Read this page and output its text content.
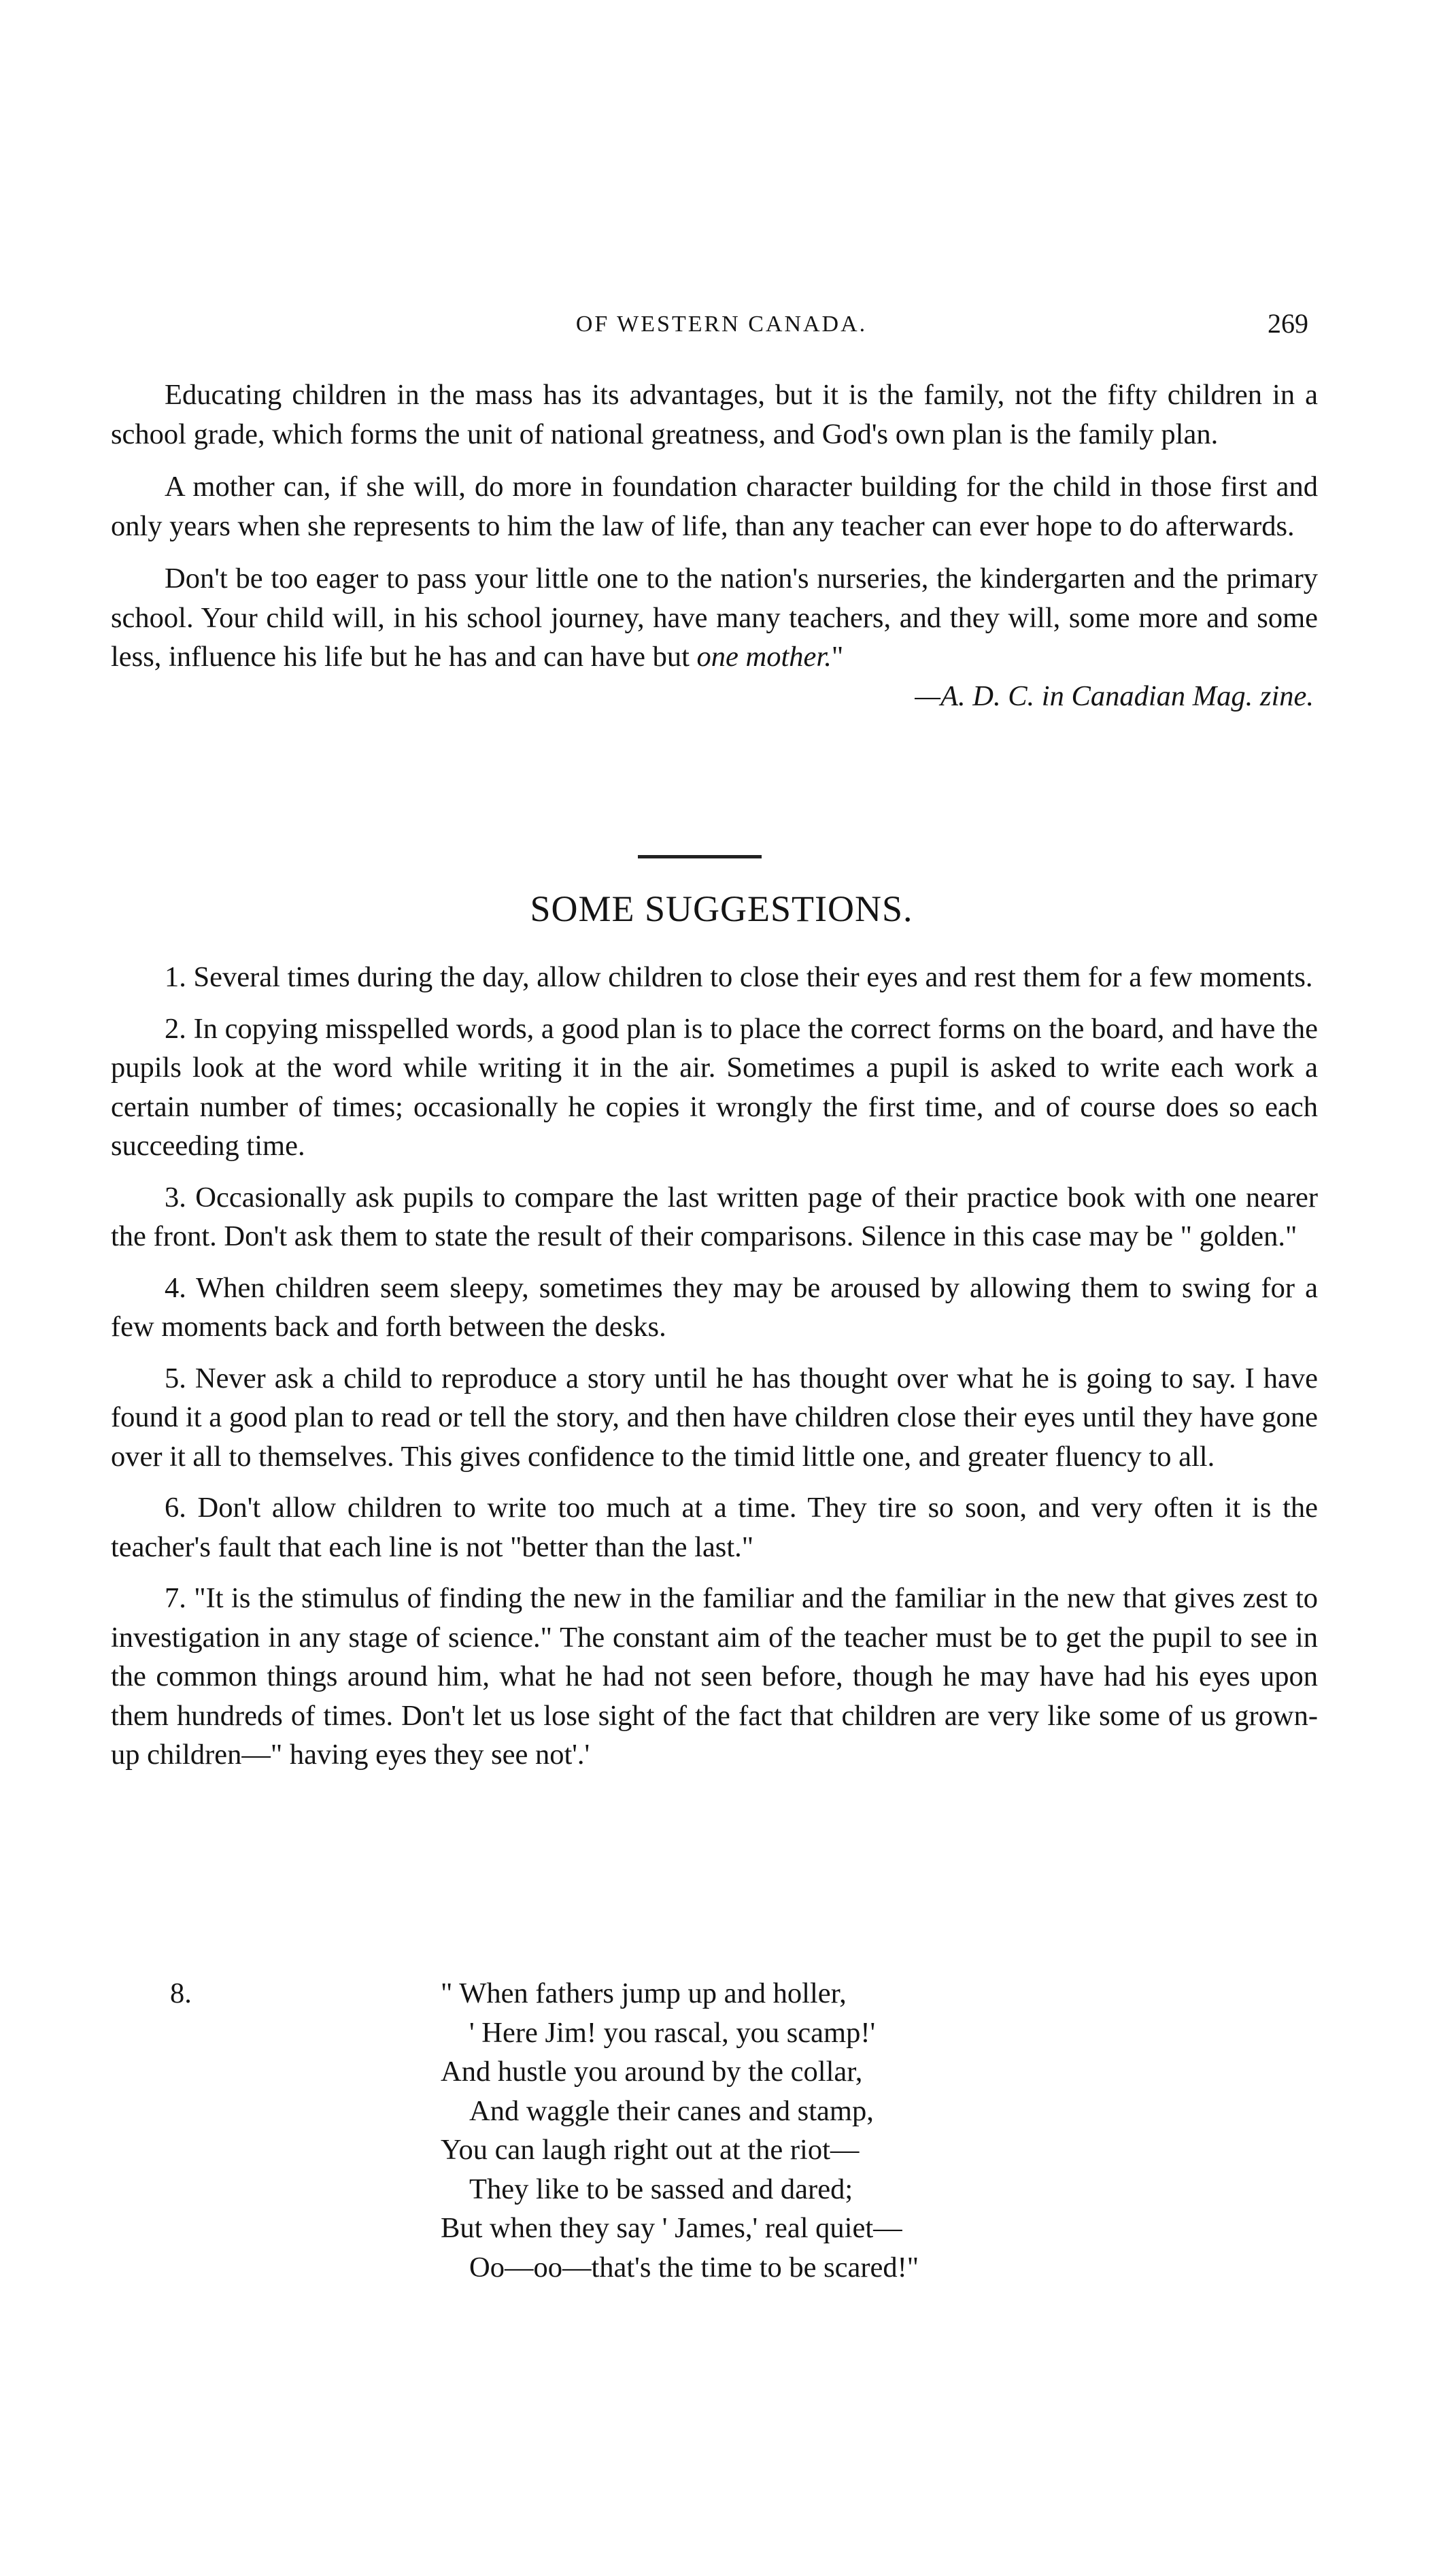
OF WESTERN CANADA.	269

Educating children in the mass has its advantages, but it is the family, not the fifty children in a school grade, which forms the unit of national greatness, and God's own plan is the family plan.

A mother can, if she will, do more in foundation character building for the child in those first and only years when she represents to him the law of life, than any teacher can ever hope to do afterwards.

Don't be too eager to pass your little one to the nation's nurseries, the kindergarten and the primary school. Your child will, in his school journey, have many teachers, and they will, some more and some less, influence his life but he has and can have but one mother."

—A. D. C. in Canadian Mag. zine.

SOME SUGGESTIONS.

1. Several times during the day, allow children to close their eyes and rest them for a few moments.

2. In copying misspelled words, a good plan is to place the correct forms on the board, and have the pupils look at the word while writing it in the air. Sometimes a pupil is asked to write each work a certain number of times; occasionally he copies it wrongly the first time, and of course does so each succeeding time.

3. Occasionally ask pupils to compare the last written page of their practice book with one nearer the front. Don't ask them to state the result of their comparisons. Silence in this case may be " golden."

4. When children seem sleepy, sometimes they may be aroused by allowing them to swing for a few moments back and forth between the desks.

5. Never ask a child to reproduce a story until he has thought over what he is going to say. I have found it a good plan to read or tell the story, and then have children close their eyes until they have gone over it all to themselves. This gives confidence to the timid little one, and greater fluency to all.

6. Don't allow children to write too much at a time. They tire so soon, and very often it is the teacher's fault that each line is not "better than the last."

7. "It is the stimulus of finding the new in the familiar and the familiar in the new that gives zest to investigation in any stage of science." The constant aim of the teacher must be to get the pupil to see in the common things around him, what he had not seen before, though he may have had his eyes upon them hundreds of times. Don't let us lose sight of the fact that children are very like some of us grown-up children—" having eyes they see not'.'

8.	" When fathers jump up and holler,
' Here Jim! you rascal, you scamp!'
And hustle you around by the collar,
And waggle their canes and stamp,
You can laugh right out at the riot—
They like to be sassed and dared;
But when they say ' James,' real quiet—
Oo—oo—that's the time to be scared!"
